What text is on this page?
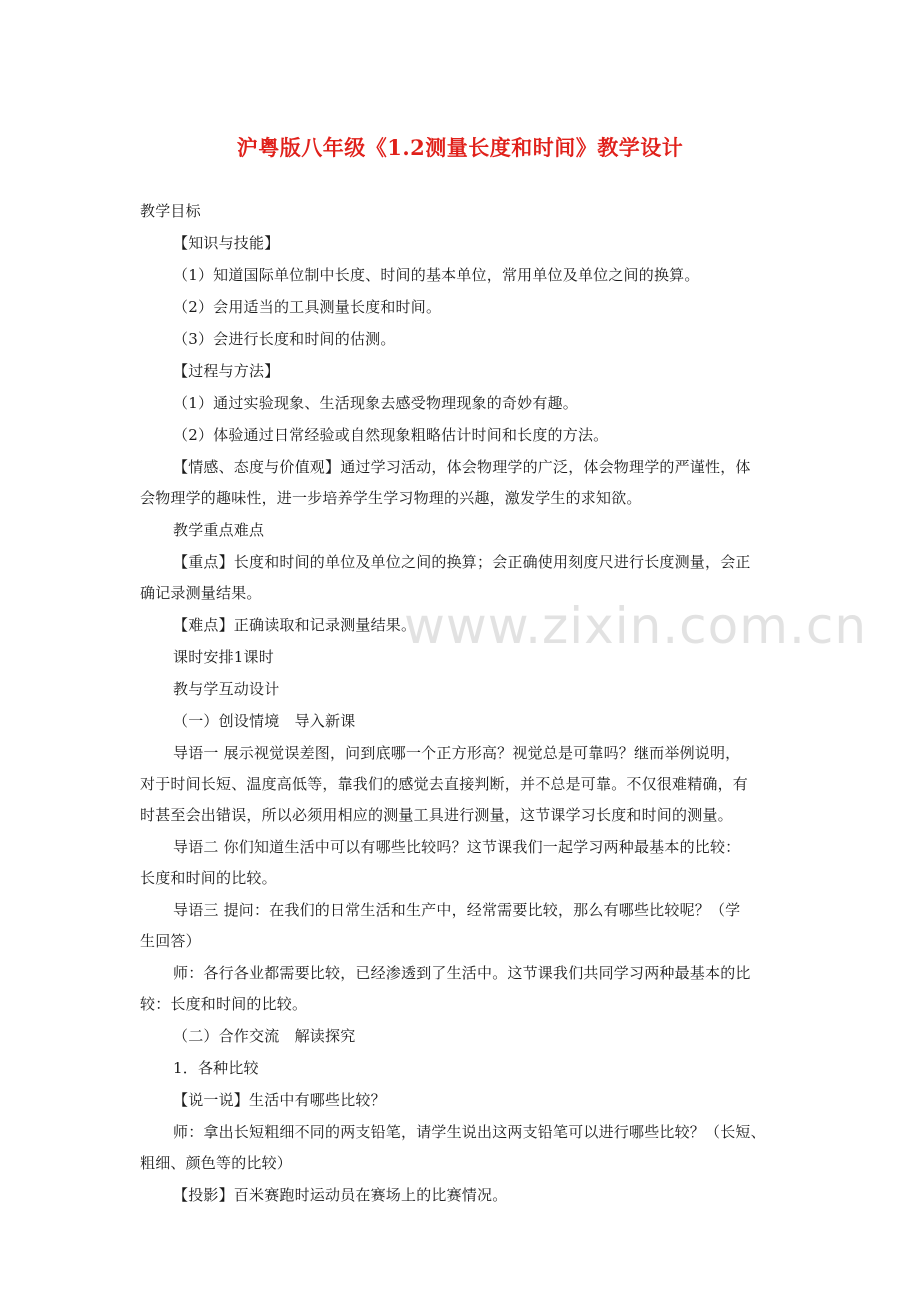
沪粤版八年级《1.2测量长度和时间》教学设计
教学目标
【知识与技能】
（1）知道国际单位制中长度、时间的基本单位，常用单位及单位之间的换算。
（2）会用适当的工具测量长度和时间。
（3）会进行长度和时间的估测。
【过程与方法】
（1）通过实验现象、生活现象去感受物理现象的奇妙有趣。
（2）体验通过日常经验或自然现象粗略估计时间和长度的方法。
【情感、态度与价值观】通过学习活动，体会物理学的广泛，体会物理学的严谨性，体
会物理学的趣味性，进一步培养学生学习物理的兴趣，激发学生的求知欲。
教学重点难点
【重点】长度和时间的单位及单位之间的换算；会正确使用刻度尺进行长度测量，会正
确记录测量结果。
【难点】正确读取和记录测量结果。
课时安排1课时
教与学互动设计
（一）创设情境　导入新课
导语一 展示视觉误差图，问到底哪一个正方形高？视觉总是可靠吗？继而举例说明，
对于时间长短、温度高低等，靠我们的感觉去直接判断，并不总是可靠。不仅很难精确，有
时甚至会出错误，所以必须用相应的测量工具进行测量，这节课学习长度和时间的测量。
导语二 你们知道生活中可以有哪些比较吗？这节课我们一起学习两种最基本的比较：
长度和时间的比较。
导语三 提问：在我们的日常生活和生产中，经常需要比较，那么有哪些比较呢？（学
生回答）
师：各行各业都需要比较，已经渗透到了生活中。这节课我们共同学习两种最基本的比
较：长度和时间的比较。
（二）合作交流　解读探究
1．各种比较
【说一说】生活中有哪些比较？
师：拿出长短粗细不同的两支铅笔，请学生说出这两支铅笔可以进行哪些比较？（长短、
粗细、颜色等的比较）
【投影】百米赛跑时运动员在赛场上的比赛情况。
www.zixin.com.cn
